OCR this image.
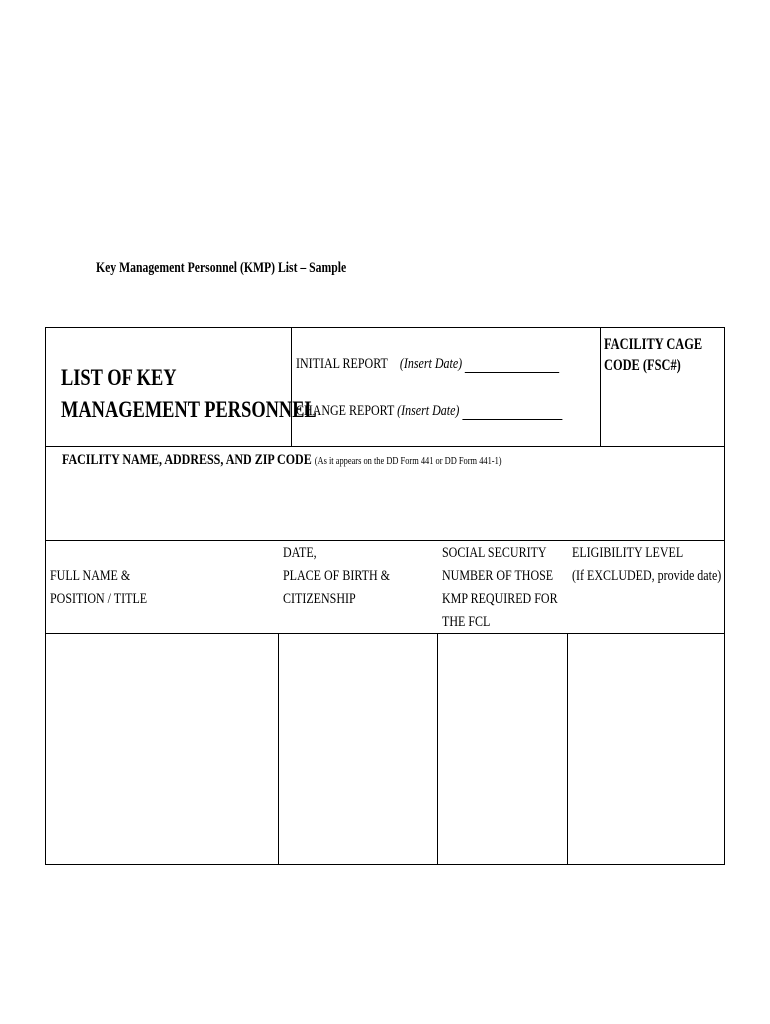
Key Management Personnel (KMP) List – Sample
LIST OF KEY
MANAGEMENT PERSONNEL
INITIAL REPORT (Insert Date)
CHANGE REPORT (Insert Date)
FACILITY CAGE
CODE (FSC#)
FACILITY NAME, ADDRESS, AND ZIP CODE (As it appears on the DD Form 441 or DD Form 441-1)
FULL NAME &
POSITION / TITLE
DATE,
PLACE OF BIRTH &
CITIZENSHIP
SOCIAL SECURITY
NUMBER OF THOSE
KMP REQUIRED FOR
THE FCL
ELIGIBILITY LEVEL
(If EXCLUDED, provide date)
